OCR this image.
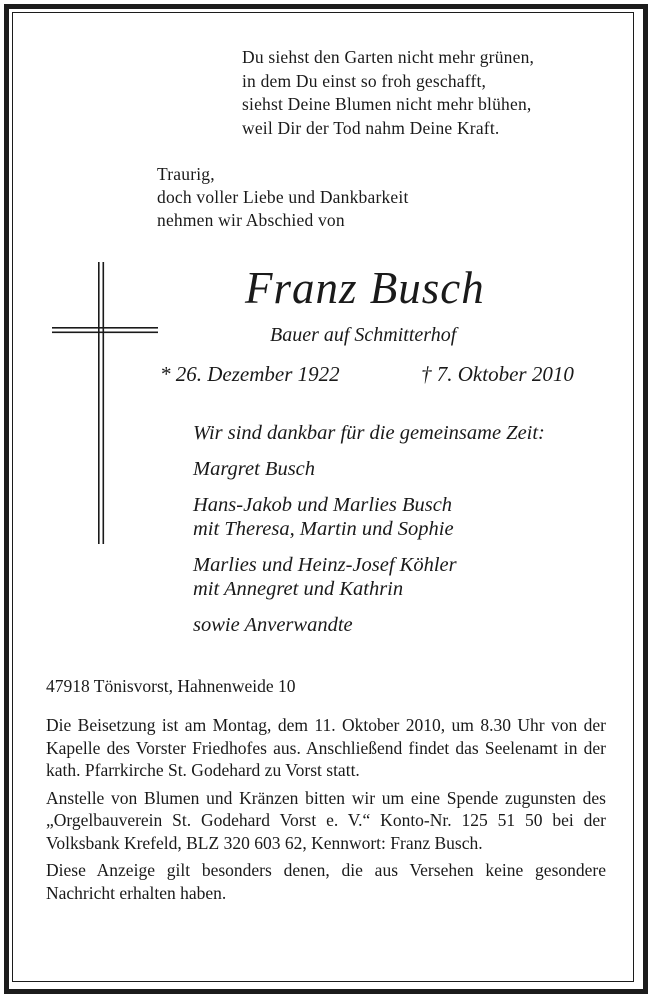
Du siehst den Garten nicht mehr grünen,
in dem Du einst so froh geschafft,
siehst Deine Blumen nicht mehr blühen,
weil Dir der Tod nahm Deine Kraft.
Traurig,
doch voller Liebe und Dankbarkeit
nehmen wir Abschied von
Franz Busch
Bauer auf Schmitterhof
* 26. Dezember 1922	† 7. Oktober 2010
Wir sind dankbar für die gemeinsame Zeit:
Margret Busch
Hans-Jakob und Marlies Busch
mit Theresa, Martin und Sophie
Marlies und Heinz-Josef Köhler
mit Annegret und Kathrin
sowie Anverwandte
47918 Tönisvorst, Hahnenweide 10

Die Beisetzung ist am Montag, dem 11. Oktober 2010, um 8.30 Uhr von der Kapelle des Vorster Friedhofes aus. Anschließend findet das Seelenamt in der kath. Pfarrkirche St. Godehard zu Vorst statt.

Anstelle von Blumen und Kränzen bitten wir um eine Spende zugunsten des „Orgelbauverein St. Godehard Vorst e. V.“ Konto-Nr. 125 51 50 bei der Volksbank Krefeld, BLZ 320 603 62, Kennwort: Franz Busch.

Diese Anzeige gilt besonders denen, die aus Versehen keine gesondere Nachricht erhalten haben.
